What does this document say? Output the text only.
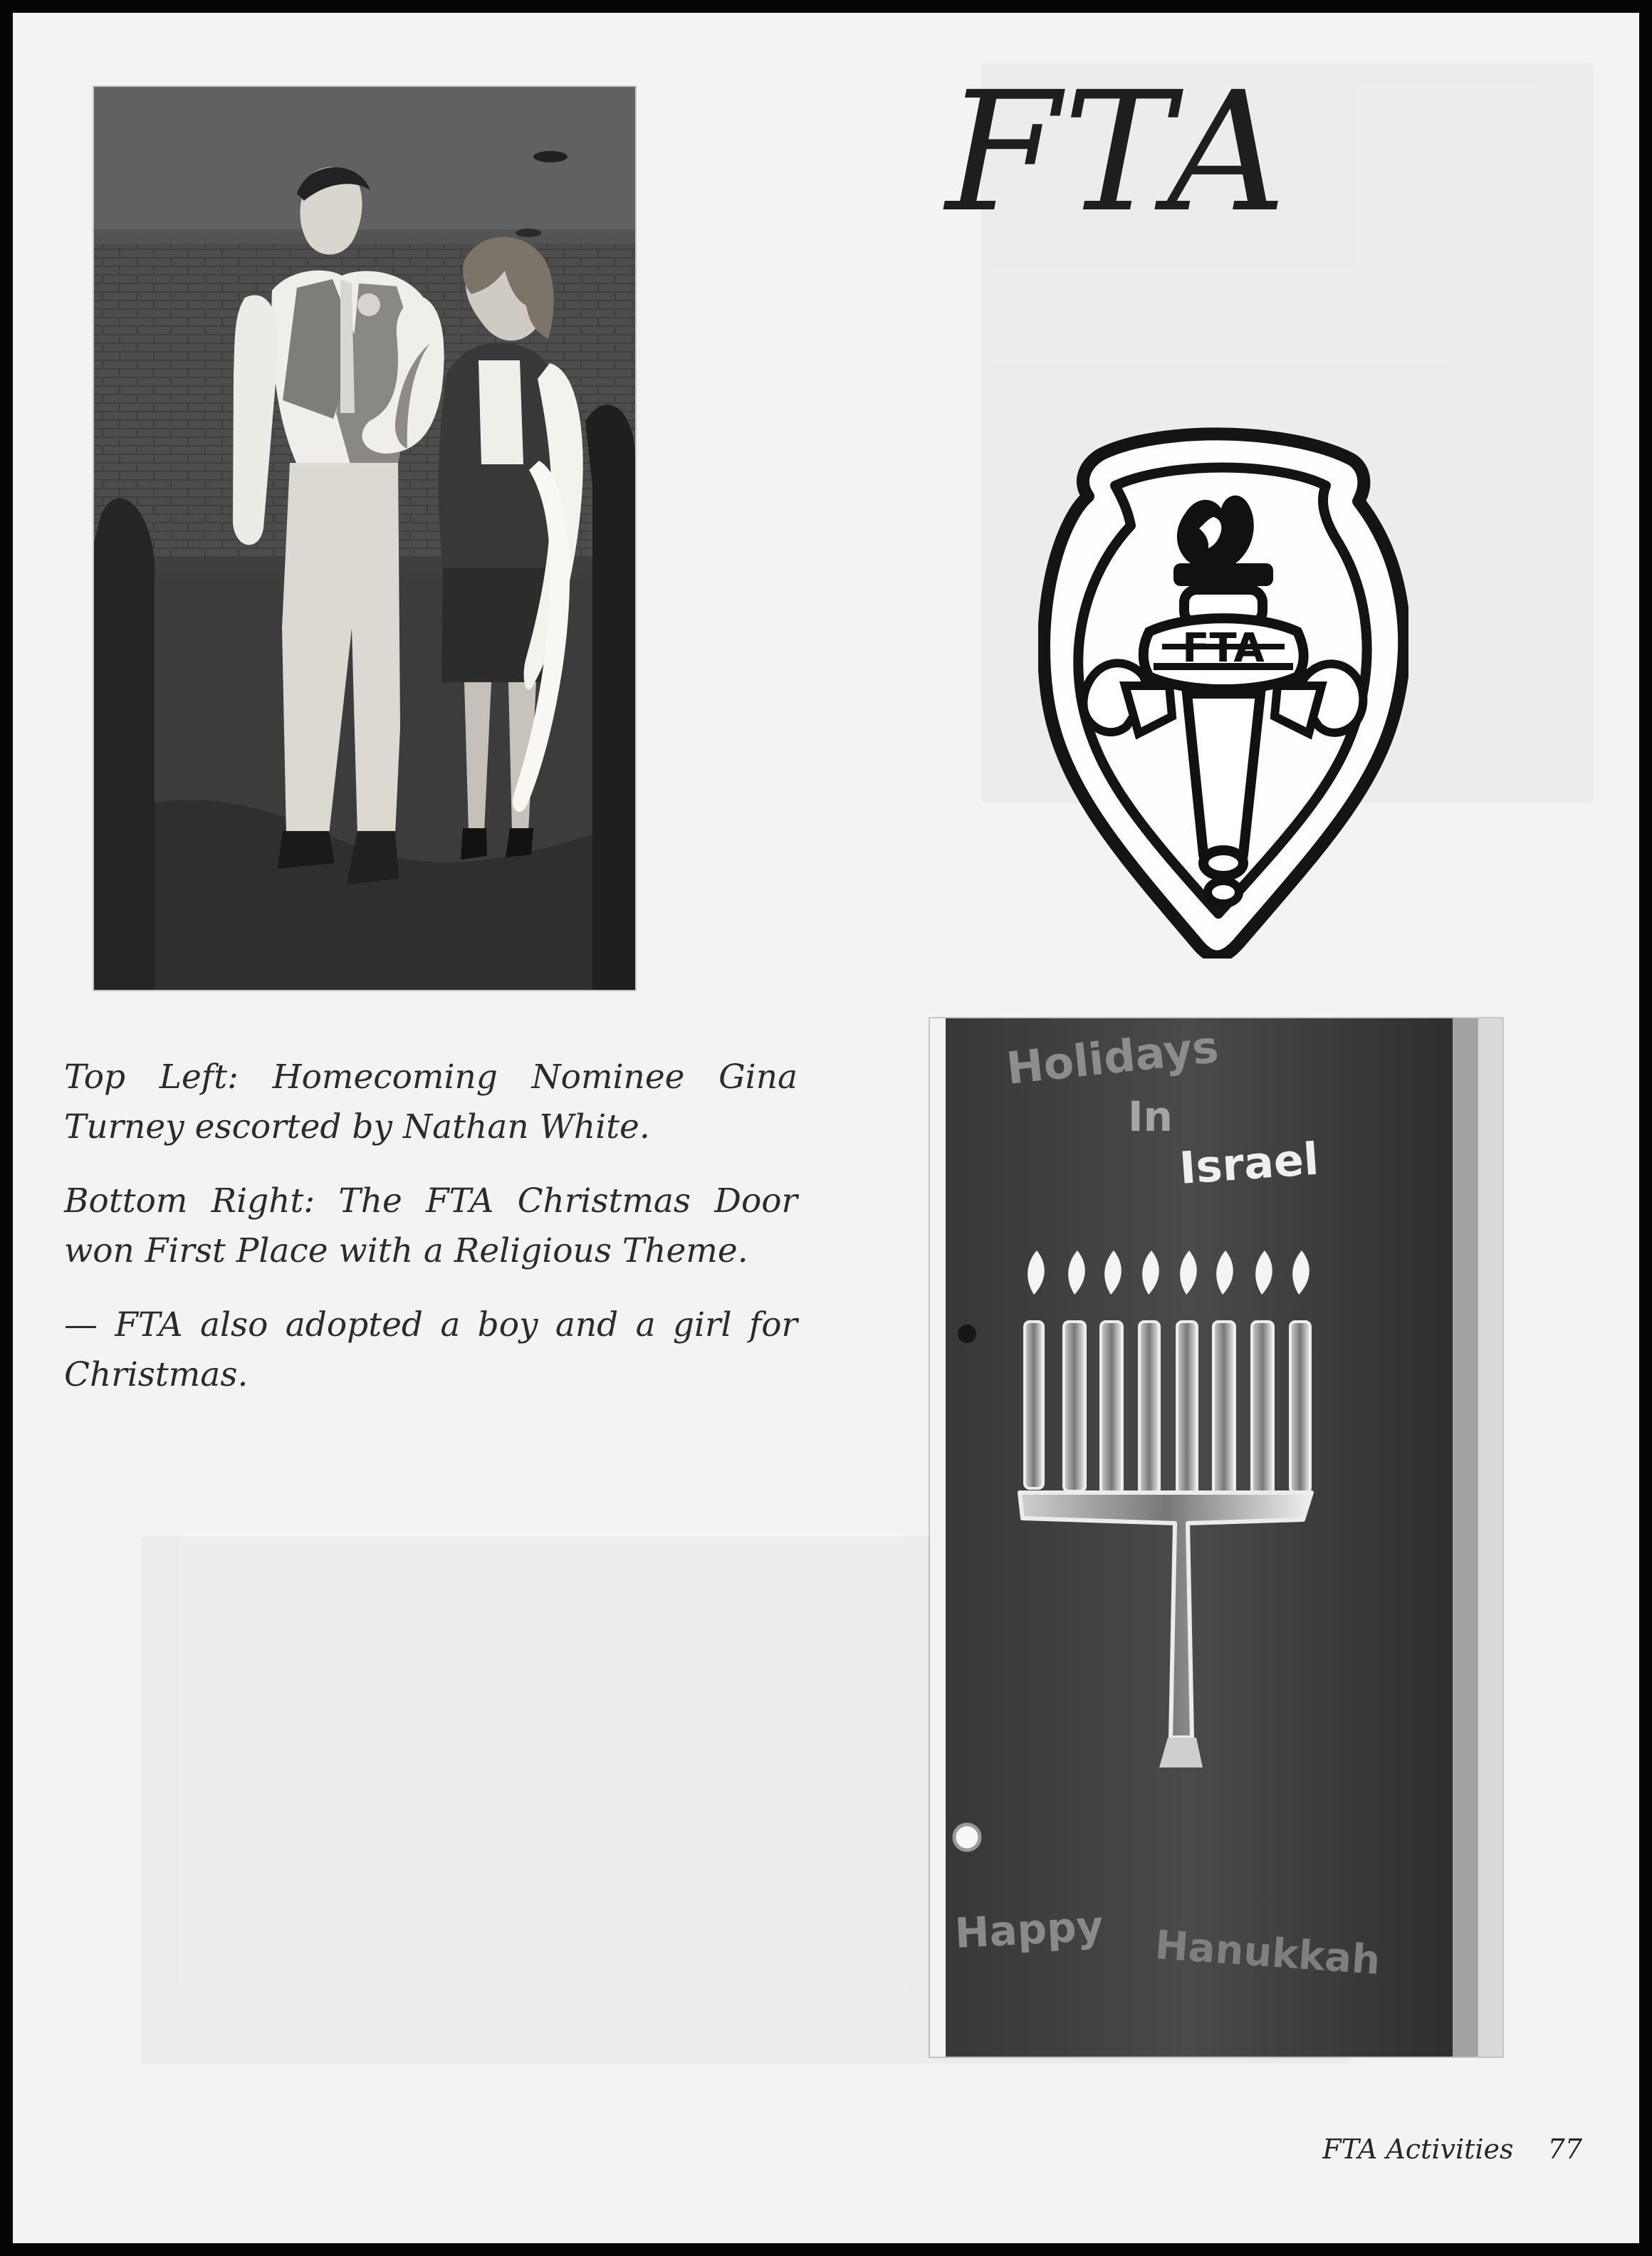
FTA
FTA

Top Left: Homecoming Nominee Gina Turney escorted by Nathan White.

Bottom Right: The FTA Christmas Door won First Place with a Religious Theme.

— FTA also adopted a boy and a girl for Christmas.

Holidays
In
Israel
Happy Hanukkah
FTA Activities 77
